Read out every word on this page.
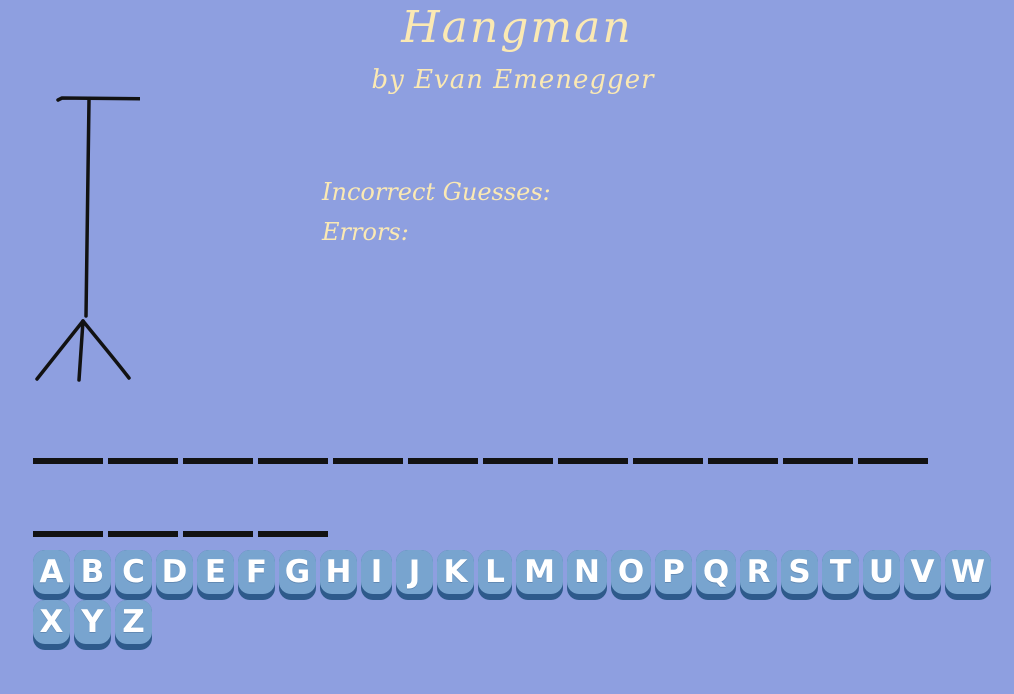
Hangman
by Evan Emenegger
Incorrect Guesses:
Errors:
A B C D E F G H I J K L M N O P Q R S T U V W
X Y Z
